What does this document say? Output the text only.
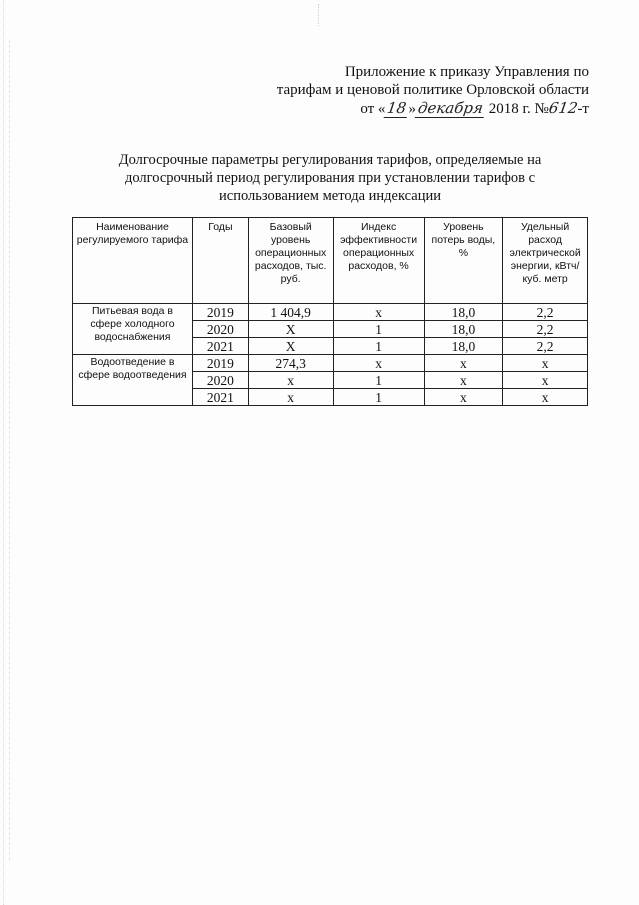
Приложение к приказу Управления по
тарифам и ценовой политике Орловской области
от «18»декабря 2018 г. №612-т
Долгосрочные параметры регулирования тарифов, определяемые на
долгосрочный период регулирования при установлении тарифов с
использованием метода индексации
Наименование регулируемого тарифа	Годы	Базовый уровень операционных расходов, тыс. руб.	Индекс эффективности операционных расходов, %	Уровень потерь воды, %	Удельный расход электрической энергии, кВтч/куб. метр
Питьевая вода в сфере холодного водоснабжения	2019	1 404,9	х	18,0	2,2
	2020	Х	1	18,0	2,2
	2021	Х	1	18,0	2,2
Водоотведение в сфере водоотведения	2019	274,3	х	х	х
	2020	х	1	х	х
	2021	х	1	х	х
